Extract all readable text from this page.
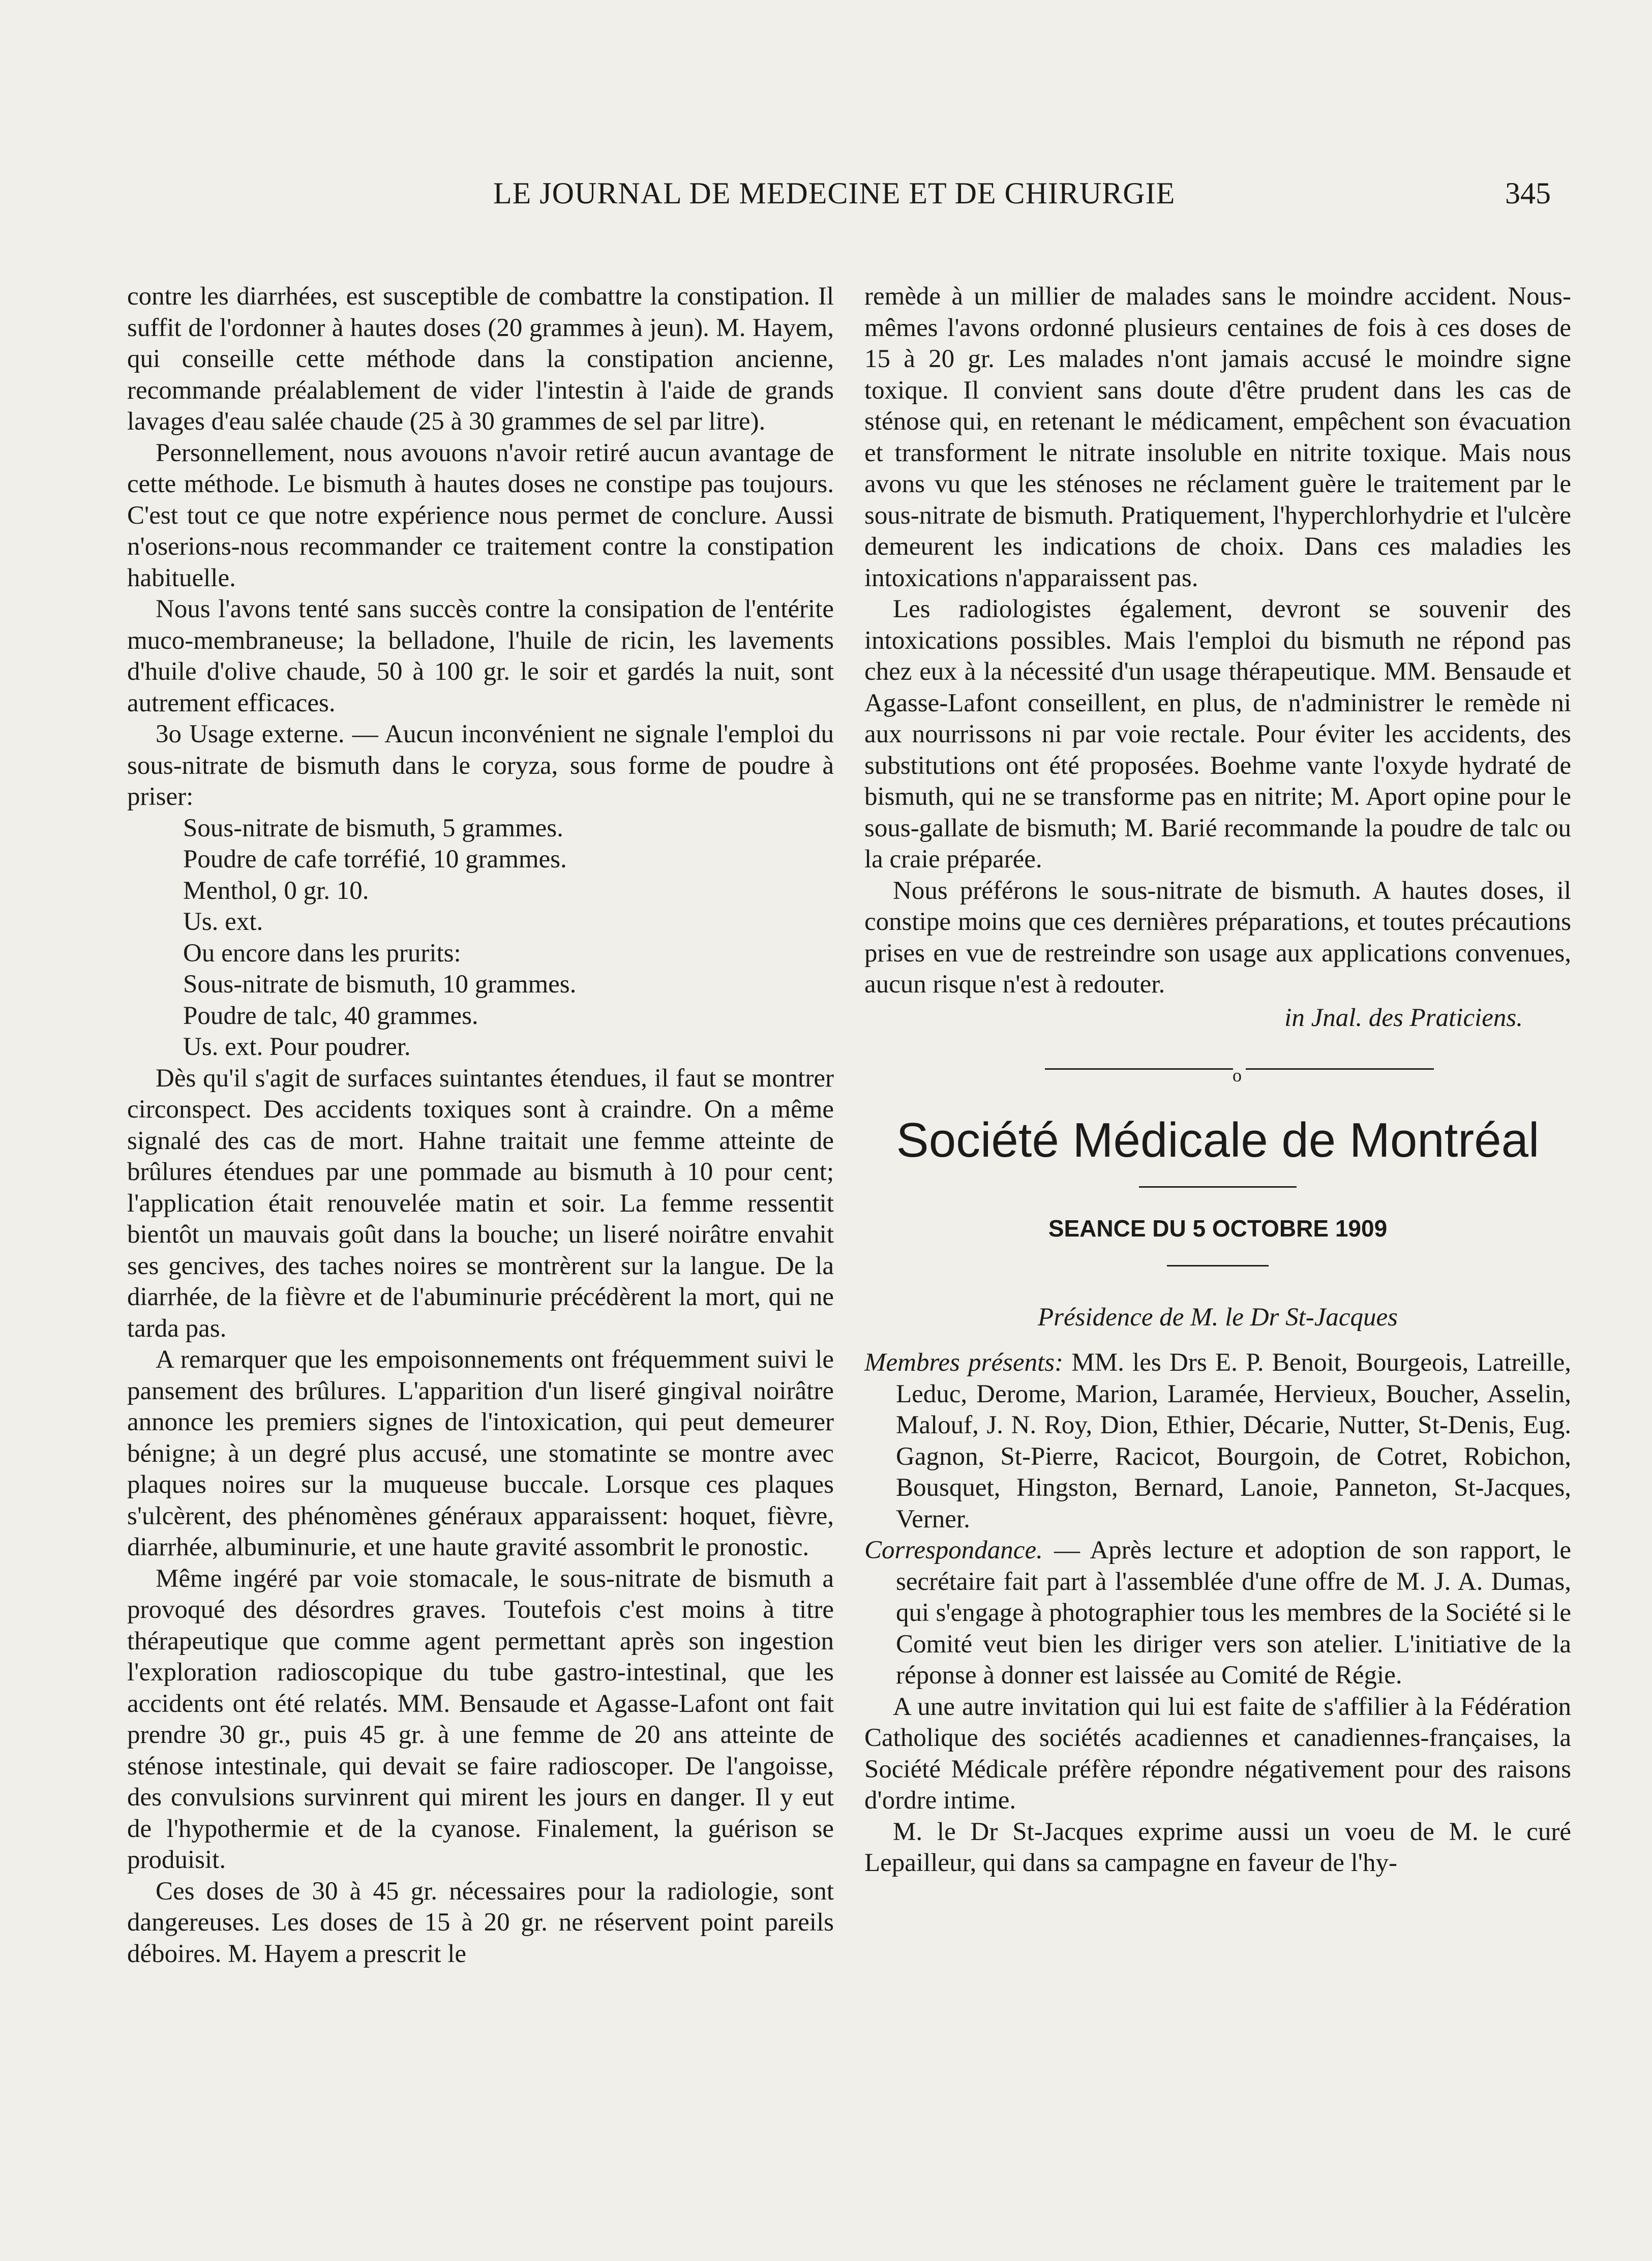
LE JOURNAL DE MEDECINE ET DE CHIRURGIE	345

contre les diarrhées, est susceptible de combattre la constipation. Il suffit de l'ordonner à hautes doses (20 grammes à jeun). M. Hayem, qui conseille cette méthode dans la constipation ancienne, recommande préalablement de vider l'intestin à l'aide de grands lavages d'eau salée chaude (25 à 30 grammes de sel par litre).

Personnellement, nous avouons n'avoir retiré aucun avantage de cette méthode. Le bismuth à hautes doses ne constipe pas toujours. C'est tout ce que notre expérience nous permet de conclure. Aussi n'oserions-nous recommander ce traitement contre la constipation habituelle.

Nous l'avons tenté sans succès contre la consipation de l'entérite muco-membraneuse; la belladone, l'huile de ricin, les lavements d'huile d'olive chaude, 50 à 100 gr. le soir et gardés la nuit, sont autrement efficaces.

3o Usage externe. — Aucun inconvénient ne signale l'emploi du sous-nitrate de bismuth dans le coryza, sous forme de poudre à priser:

Sous-nitrate de bismuth, 5 grammes.
Poudre de cafe torréfié, 10 grammes.
Menthol, 0 gr. 10.
Us. ext.
Ou encore dans les prurits:
Sous-nitrate de bismuth, 10 grammes.
Poudre de talc, 40 grammes.
Us. ext. Pour poudrer.

Dès qu'il s'agit de surfaces suintantes étendues, il faut se montrer circonspect. Des accidents toxiques sont à craindre. On a même signalé des cas de mort. Hahne traitait une femme atteinte de brûlures étendues par une pommade au bismuth à 10 pour cent; l'application était renouvelée matin et soir. La femme ressentit bientôt un mauvais goût dans la bouche; un liseré noirâtre envahit ses gencives, des taches noires se montrèrent sur la langue. De la diarrhée, de la fièvre et de l'abuminurie précédèrent la mort, qui ne tarda pas.

A remarquer que les empoisonnements ont fréquemment suivi le pansement des brûlures. L'apparition d'un liseré gingival noirâtre annonce les premiers signes de l'intoxication, qui peut demeurer bénigne; à un degré plus accusé, une stomatinte se montre avec plaques noires sur la muqueuse buccale. Lorsque ces plaques s'ulcèrent, des phénomènes généraux apparaissent: hoquet, fièvre, diarrhée, albuminurie, et une haute gravité assombrit le pronostic.

Même ingéré par voie stomacale, le sous-nitrate de bismuth a provoqué des désordres graves. Toutefois c'est moins à titre thérapeutique que comme agent permettant après son ingestion l'exploration radioscopique du tube gastro-intestinal, que les accidents ont été relatés. MM. Bensaude et Agasse-Lafont ont fait prendre 30 gr., puis 45 gr. à une femme de 20 ans atteinte de sténose intestinale, qui devait se faire radioscoper. De l'angoisse, des convulsions survinrent qui mirent les jours en danger. Il y eut de l'hypothermie et de la cyanose. Finalement, la guérison se produisit.

Ces doses de 30 à 45 gr. nécessaires pour la radiologie, sont dangereuses. Les doses de 15 à 20 gr. ne réservent point pareils déboires. M. Hayem a prescrit le

remède à un millier de malades sans le moindre accident. Nous-mêmes l'avons ordonné plusieurs centaines de fois à ces doses de 15 à 20 gr. Les malades n'ont jamais accusé le moindre signe toxique. Il convient sans doute d'être prudent dans les cas de sténose qui, en retenant le médicament, empêchent son évacuation et transforment le nitrate insoluble en nitrite toxique. Mais nous avons vu que les sténoses ne réclament guère le traitement par le sous-nitrate de bismuth. Pratiquement, l'hyperchlorhydrie et l'ulcère demeurent les indications de choix. Dans ces maladies les intoxications n'apparaissent pas.

Les radiologistes également, devront se souvenir des intoxications possibles. Mais l'emploi du bismuth ne répond pas chez eux à la nécessité d'un usage thérapeutique. MM. Bensaude et Agasse-Lafont conseillent, en plus, de n'administrer le remède ni aux nourrissons ni par voie rectale. Pour éviter les accidents, des substitutions ont été proposées. Boehme vante l'oxyde hydraté de bismuth, qui ne se transforme pas en nitrite; M. Aport opine pour le sous-gallate de bismuth; M. Barié recommande la poudre de talc ou la craie préparée.

Nous préférons le sous-nitrate de bismuth. A hautes doses, il constipe moins que ces dernières préparations, et toutes précautions prises en vue de restreindre son usage aux applications convenues, aucun risque n'est à redouter.

in Jnal. des Praticiens.

o

Société Médicale de Montréal

SEANCE DU 5 OCTOBRE 1909

Présidence de M. le Dr St-Jacques

Membres présents: MM. les Drs E. P. Benoit, Bourgeois, Latreille, Leduc, Derome, Marion, Laramée, Hervieux, Boucher, Asselin, Malouf, J. N. Roy, Dion, Ethier, Décarie, Nutter, St-Denis, Eug. Gagnon, St-Pierre, Racicot, Bourgoin, de Cotret, Robichon, Bousquet, Hingston, Bernard, Lanoie, Panneton, St-Jacques, Verner.

Correspondance. — Après lecture et adoption de son rapport, le secrétaire fait part à l'assemblée d'une offre de M. J. A. Dumas, qui s'engage à photographier tous les membres de la Société si le Comité veut bien les diriger vers son atelier. L'initiative de la réponse à donner est laissée au Comité de Régie.

A une autre invitation qui lui est faite de s'affilier à la Fédération Catholique des sociétés acadiennes et canadiennes-françaises, la Société Médicale préfère répondre négativement pour des raisons d'ordre intime.

M. le Dr St-Jacques exprime aussi un voeu de M. le curé Lepailleur, qui dans sa campagne en faveur de l'hy-
